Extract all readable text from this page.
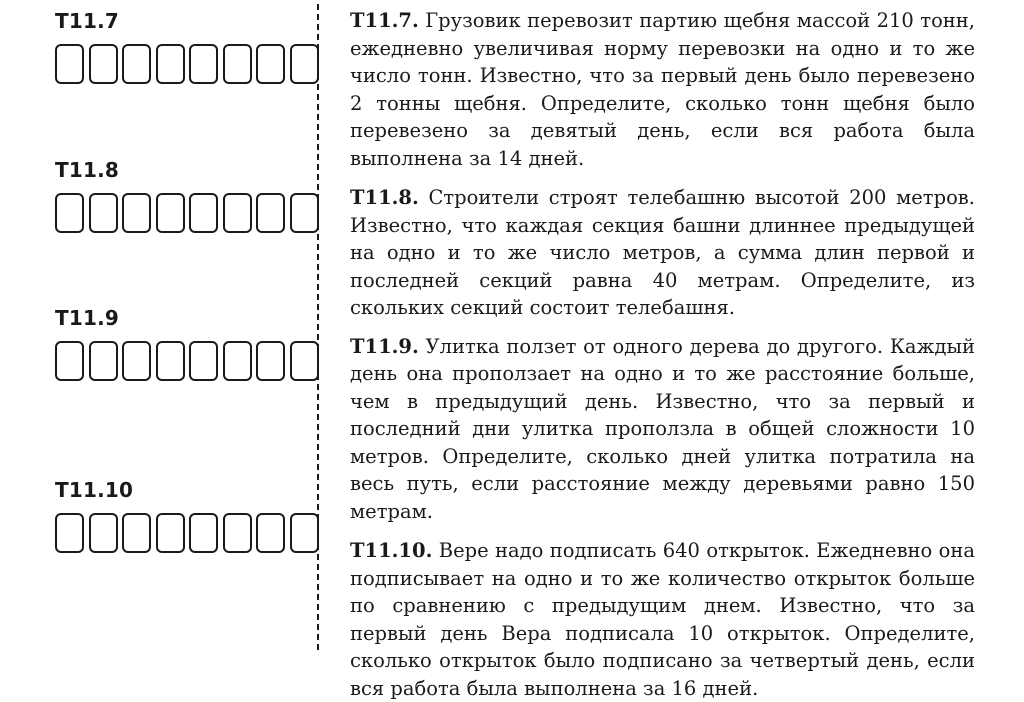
T11.7
T11.8
T11.9
T11.10

T11.7. Грузовик перевозит партию щебня массой 210 тонн, ежедневно увеличивая норму перевозки на одно и то же число тонн. Известно, что за первый день было перевезено 2 тонны щебня. Определите, сколько тонн щебня было перевезено за девятый день, если вся работа была выполнена за 14 дней.

T11.8. Строители строят телебашню высотой 200 метров. Известно, что каждая секция башни длиннее предыдущей на одно и то же число метров, а сумма длин первой и последней секций равна 40 метрам. Определите, из скольких секций состоит телебашня.

T11.9. Улитка ползет от одного дерева до другого. Каждый день она проползает на одно и то же расстояние больше, чем в предыдущий день. Известно, что за первый и последний дни улитка проползла в общей сложности 10 метров. Определите, сколько дней улитка потратила на весь путь, если расстояние между деревьями равно 150 метрам.

T11.10. Вере надо подписать 640 открыток. Ежедневно она подписывает на одно и то же количество открыток больше по сравнению с предыдущим днем. Известно, что за первый день Вера подписала 10 открыток. Определите, сколько открыток было подписано за четвертый день, если вся работа была выполнена за 16 дней.
